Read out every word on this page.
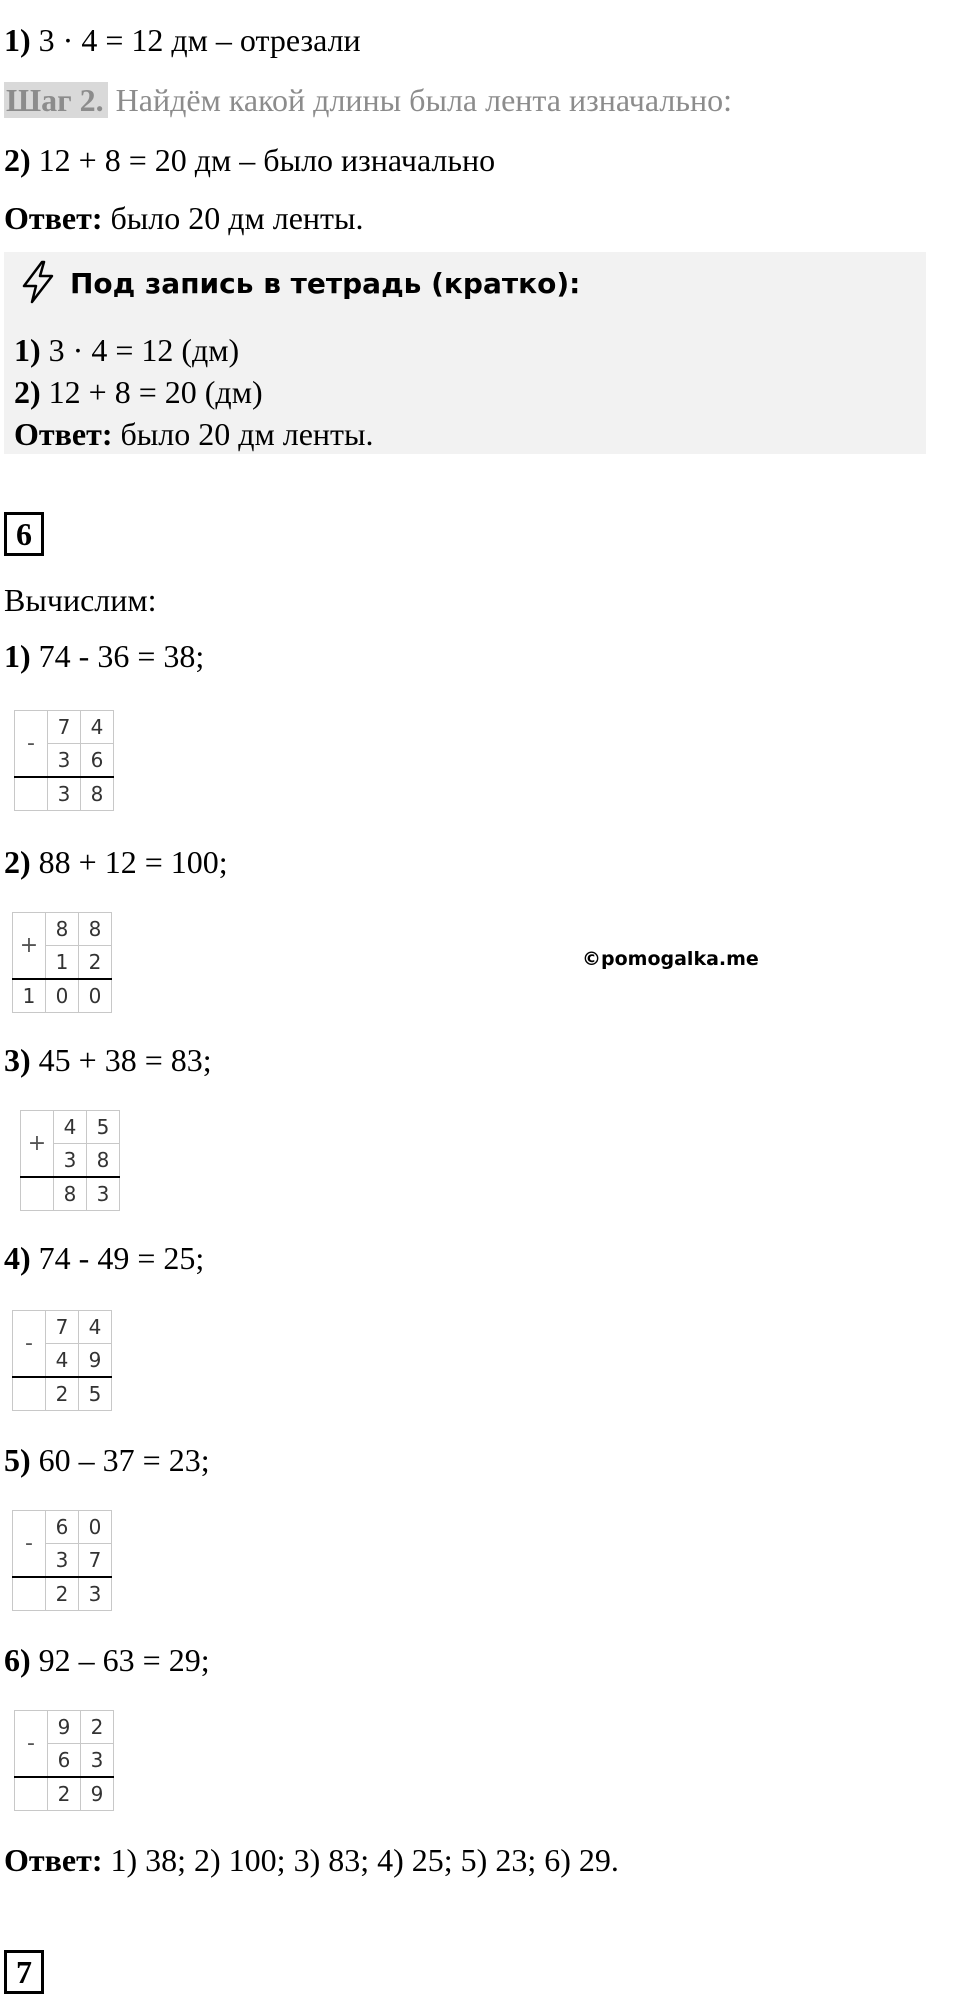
1) 3 · 4 = 12 дм – отрезали
Шаг 2. Найдём какой длины была лента изначально:
2) 12 + 8 = 20 дм – было изначально
Ответ: было 20 дм ленты.
Под запись в тетрадь (кратко):
1) 3 · 4 = 12 (дм)
2) 12 + 8 = 20 (дм)
Ответ: было 20 дм ленты.
6
Вычислим:
1) 74 - 36 = 38;
-	7	4
	3	6
	3	8
2) 88 + 12 = 100;
+	8	8
	1	2
1	0	0
3) 45 + 38 = 83;
+	4	5
	3	8
	8	3
4) 74 - 49 = 25;
-	7	4
	4	9
	2	5
5) 60 – 37 = 23;
-	6	0
	3	7
	2	3
6) 92 – 63 = 29;
-	9	2
	6	3
	2	9
Ответ: 1) 38; 2) 100; 3) 83; 4) 25; 5) 23; 6) 29.
©pomogalka.me
7
